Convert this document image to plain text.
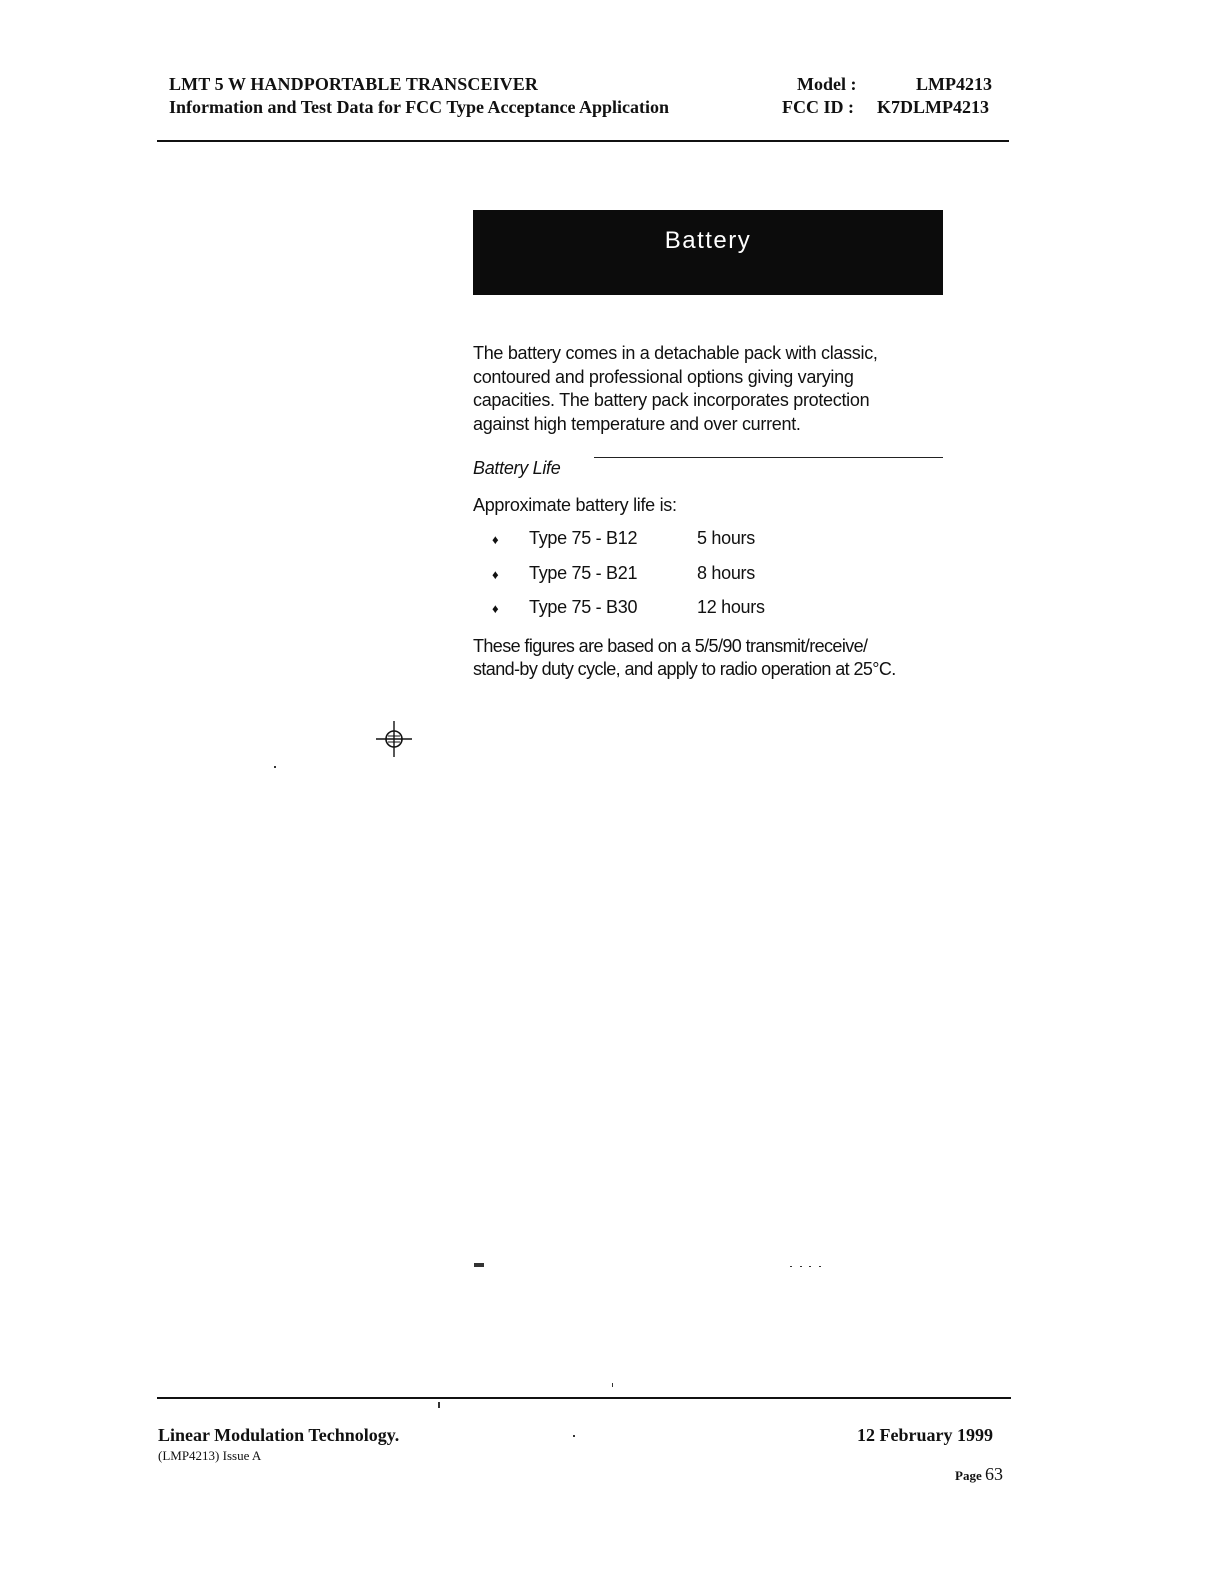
LMT 5 W HANDPORTABLE TRANSCEIVER
Information and Test Data for FCC Type Acceptance Application
Model :	LMP4213
FCC ID : K7DLMP4213
Battery

The battery comes in a detachable pack with classic,

contoured and professional options giving varying

capacities. The battery pack incorporates protection

against high temperature and over current.

Battery Life
Approximate battery life is:
♦ Type 75 - B12	5 hours
♦ Type 75 - B21	8 hours
♦ Type 75 - B30	12 hours

These figures are based on a 5/5/90 transmit/receive/

stand-by duty cycle, and apply to radio operation at 25°C.

Linear Modulation Technology.
(LMP4213) Issue A
12 February 1999
Page 63
